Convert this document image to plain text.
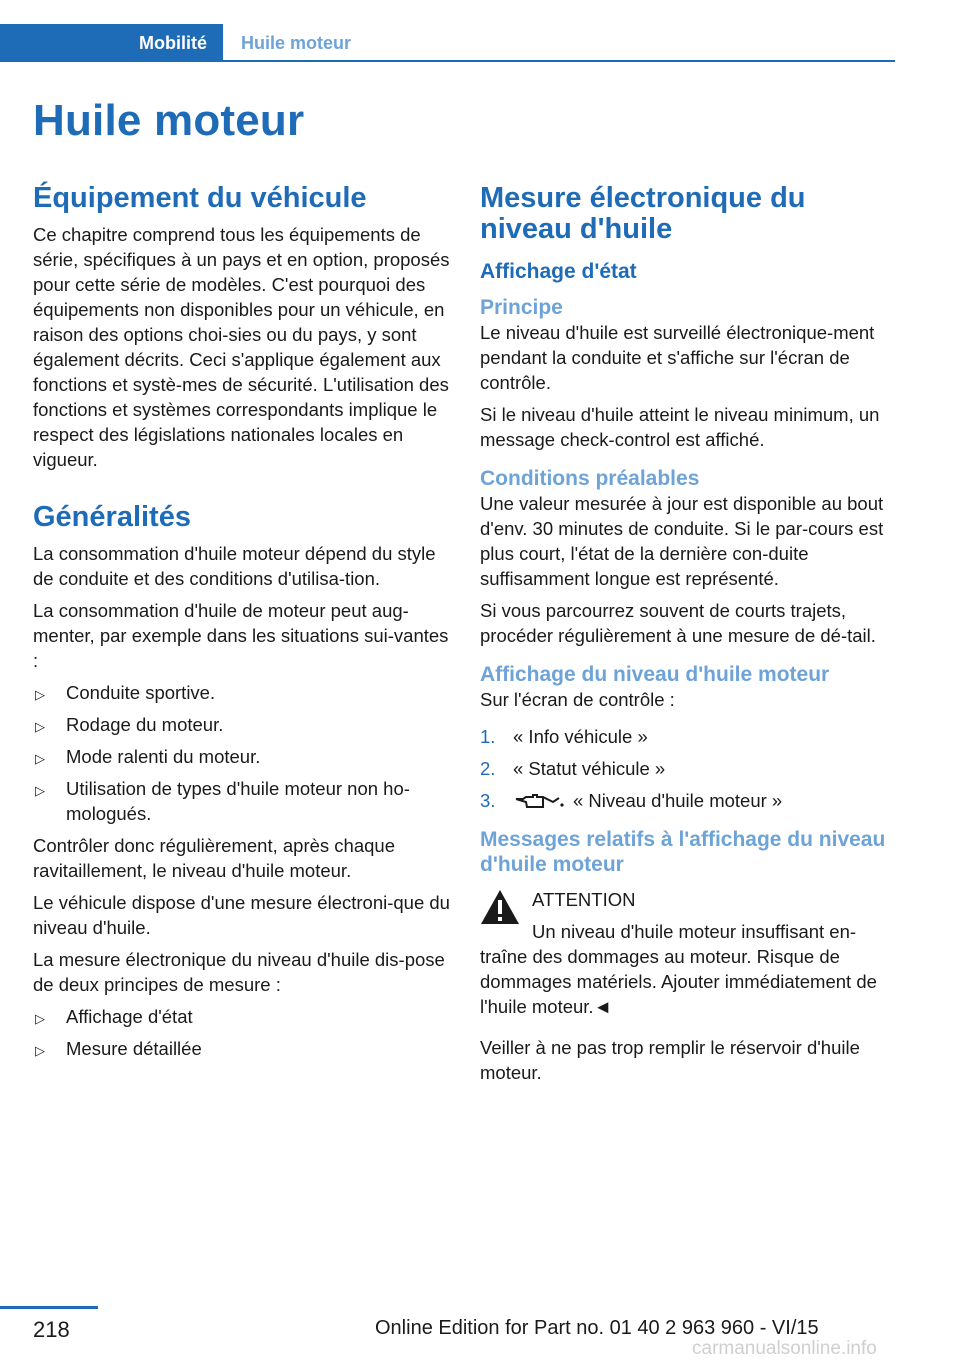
Mobilité	Huile moteur
Huile moteur
Équipement du véhicule

Ce chapitre comprend tous les équipements de série, spécifiques à un pays et en option, proposés pour cette série de modèles. C'est pourquoi des équipements non disponibles pour un véhicule, en raison des options choi‐sies ou du pays, y sont également décrits. Ceci s'applique également aux fonctions et systè‐mes de sécurité. L'utilisation des fonctions et systèmes correspondants implique le respect des législations nationales locales en vigueur.

Généralités

La consommation d'huile moteur dépend du style de conduite et des conditions d'utilisa‐tion.

La consommation d'huile de moteur peut aug‐menter, par exemple dans les situations sui‐vantes :

▷ Conduite sportive.
▷ Rodage du moteur.
▷ Mode ralenti du moteur.
▷ Utilisation de types d'huile moteur non ho‐mologués.

Contrôler donc régulièrement, après chaque ravitaillement, le niveau d'huile moteur.

Le véhicule dispose d'une mesure électroni‐que du niveau d'huile.

La mesure électronique du niveau d'huile dis‐pose de deux principes de mesure :

▷ Affichage d'état
▷ Mesure détaillée
Mesure électronique du niveau d'huile
Affichage d'état
Principe

Le niveau d'huile est surveillé électronique‐ment pendant la conduite et s'affiche sur l'écran de contrôle.

Si le niveau d'huile atteint le niveau minimum, un message check-control est affiché.

Conditions préalables

Une valeur mesurée à jour est disponible au bout d'env. 30 minutes de conduite. Si le par‐cours est plus court, l'état de la dernière con‐duite suffisamment longue est représenté.

Si vous parcourrez souvent de courts trajets, procéder régulièrement à une mesure de dé‐tail.

Affichage du niveau d'huile moteur

Sur l'écran de contrôle :

1. « Info véhicule »
2. « Statut véhicule »
3.	« Niveau d'huile moteur »
Messages relatifs à l'affichage du niveau d'huile moteur

ATTENTION

Un niveau d'huile moteur insuffisant en‐

traîne des dommages au moteur. Risque de dommages matériels. Ajouter immédiatement de l'huile moteur.◄

Veiller à ne pas trop remplir le réservoir d'huile moteur.

218	Online Edition for Part no. 01 40 2 963 960 - VI/15
carmanualsonline.info
